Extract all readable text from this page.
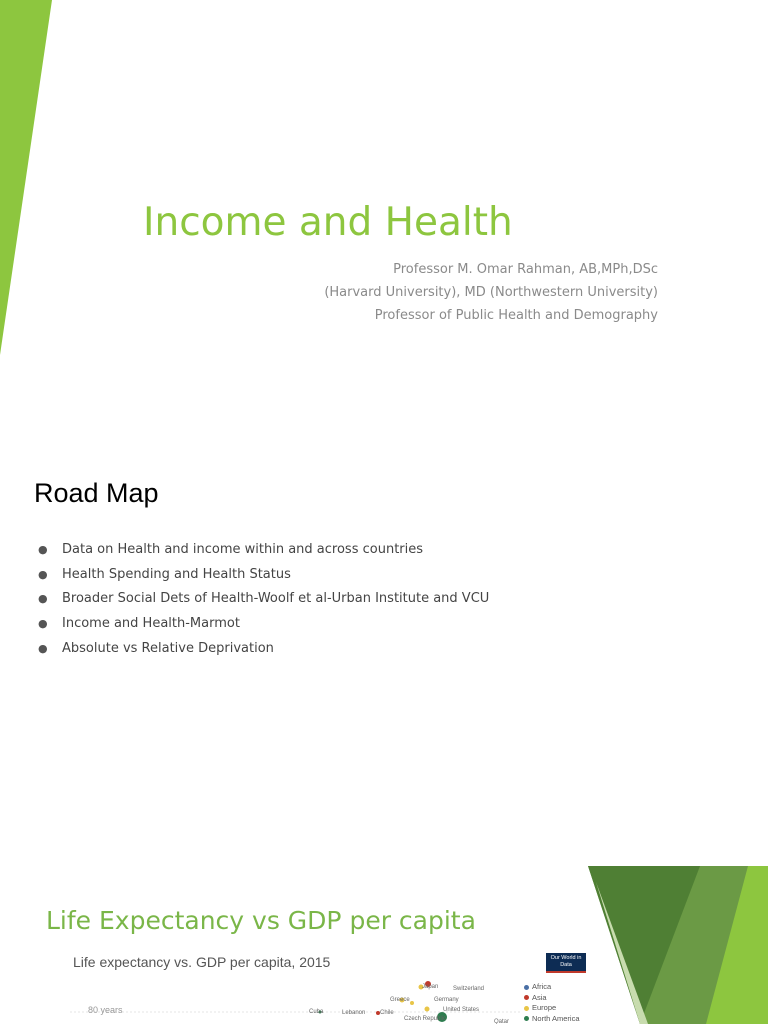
Income and Health
Professor M. Omar Rahman, AB,MPh,DSc
(Harvard University), MD (Northwestern University)
Professor of Public Health and Demography
Road Map
● Data on Health and income within and across countries
● Health Spending and Health Status
● Broader Social Dets of Health-Woolf et al-Urban Institute and VCU
● Income and Health-Marmot
● Absolute vs Relative Deprivation
Life Expectancy vs GDP per capita
Life expectancy vs. GDP per capita, 2015	Our World in Data
80 years
Japan Switzerland
Greece	Germany
United States
Cuba	Lebanon Chile
Czech Republic	Qatar
Africa
Asia
Europe
North America
